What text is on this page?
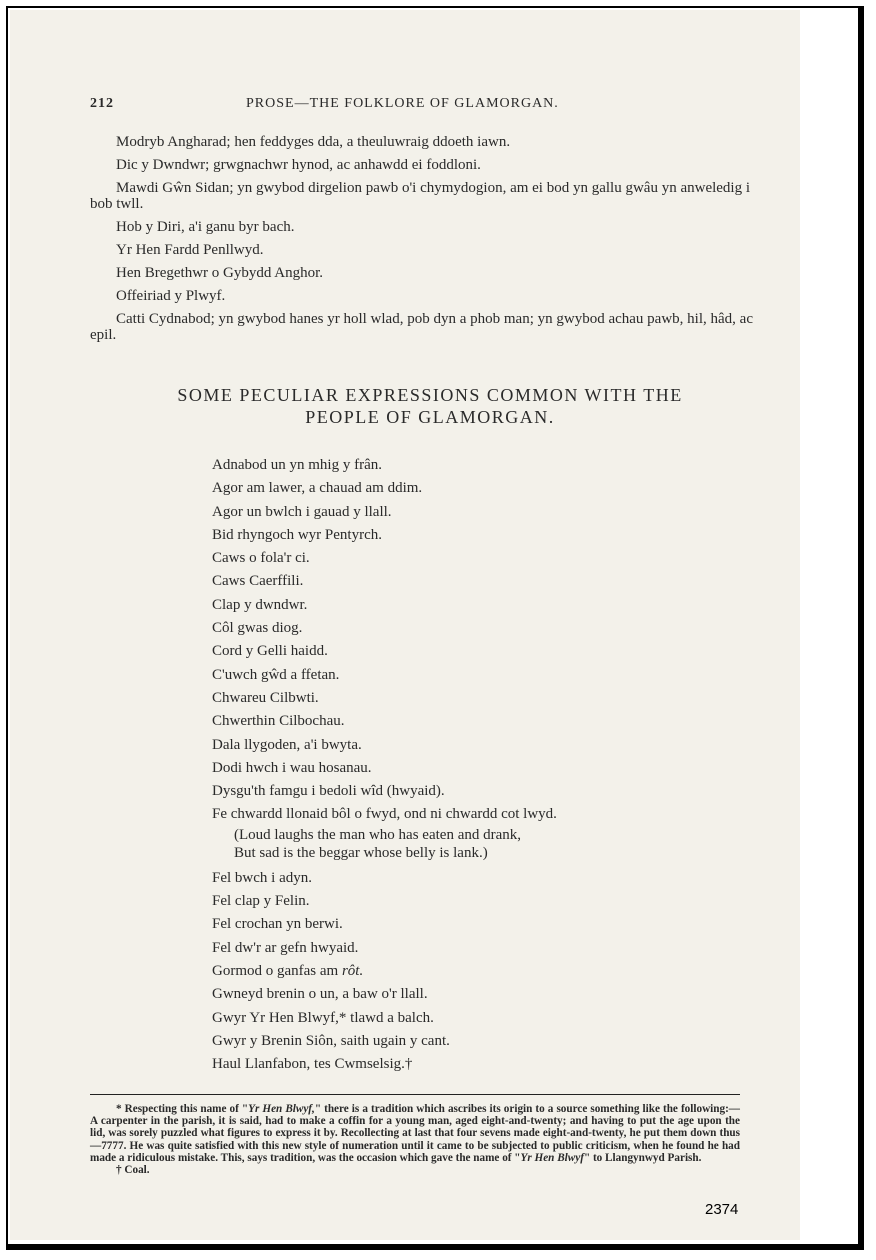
212	PROSE—THE FOLKLORE OF GLAMORGAN.

Modryb Angharad; hen feddyges dda, a theuluwraig ddoeth iawn.

Dic y Dwndwr; grwgnachwr hynod, ac anhawdd ei foddloni.

Mawdi Gŵn Sidan; yn gwybod dirgelion pawb o'i chymydogion, am ei bod yn gallu gwâu yn anweledig i bob twll.

Hob y Diri, a'i ganu byr bach.

Yr Hen Fardd Penllwyd.

Hen Bregethwr o Gybydd Anghor.

Offeiriad y Plwyf.

Catti Cydnabod; yn gwybod hanes yr holl wlad, pob dyn a phob man; yn gwybod achau pawb, hil, hâd, ac epil.

SOME PECULIAR EXPRESSIONS COMMON WITH THE
PEOPLE OF GLAMORGAN.
Adnabod un yn mhig y frân.
Agor am lawer, a chauad am ddim.
Agor un bwlch i gauad y llall.
Bid rhyngoch wyr Pentyrch.
Caws o fola'r ci.
Caws Caerffili.
Clap y dwndwr.
Côl gwas diog.
Cord y Gelli haidd.
C'uwch gŵd a ffetan.
Chwareu Cilbwti.
Chwerthin Cilbochau.
Dala llygoden, a'i bwyta.
Dodi hwch i wau hosanau.
Dysgu'th famgu i bedoli wîd (hwyaid).
Fe chwardd llonaid bôl o fwyd, ond ni chwardd cot lwyd.
(Loud laughs the man who has eaten and drank,
But sad is the beggar whose belly is lank.)
Fel bwch i adyn.
Fel clap y Felin.
Fel crochan yn berwi.
Fel dw'r ar gefn hwyaid.
Gormod o ganfas am rôt.
Gwneyd brenin o un, a baw o'r llall.
Gwyr Yr Hen Blwyf,* tlawd a balch.
Gwyr y Brenin Siôn, saith ugain y cant.
Haul Llanfabon, tes Cwmselsig.†

* Respecting this name of "Yr Hen Blwyf," there is a tradition which ascribes its origin to a source something like the following:—A carpenter in the parish, it is said, had to make a coffin for a young man, aged eight-and-twenty; and having to put the age upon the lid, was sorely puzzled what figures to express it by. Recollecting at last that four sevens made eight-and-twenty, he put them down thus—7777. He was quite satisfied with this new style of numeration until it came to be subjected to public criticism, when he found he had made a ridiculous mistake. This, says tradition, was the occasion which gave the name of "Yr Hen Blwyf" to Llangynwyd Parish.

† Coal.

2374
